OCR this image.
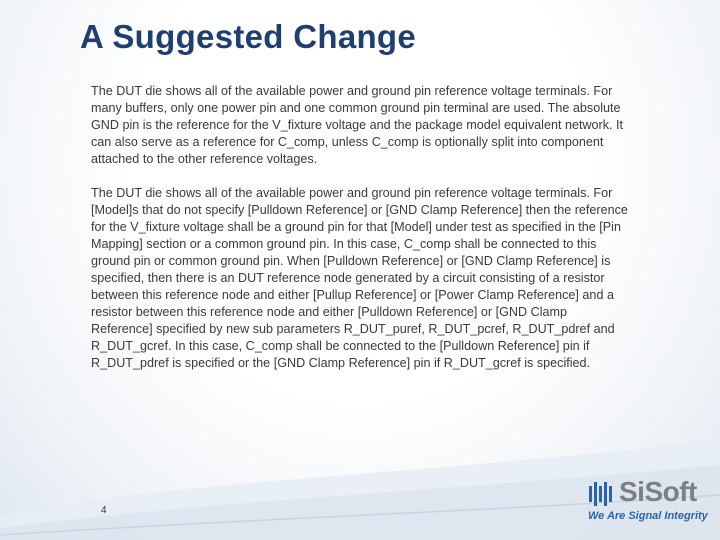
A Suggested Change

The DUT die shows all of the available power and ground pin reference voltage terminals. For many buffers, only one power pin and one common ground pin terminal are used. The absolute GND pin is the reference for the V_fixture voltage and the package model equivalent network. It can also serve as a reference for C_comp, unless C_comp is optionally split into component attached to the other reference voltages.

The DUT die shows all of the available power and ground pin reference voltage terminals. For [Model]s that do not specify [Pulldown Reference] or [GND Clamp Reference] then the reference for the V_fixture voltage shall be a ground pin for that [Model] under test as specified in the [Pin Mapping] section or a common ground pin. In this case, C_comp shall be connected to this ground pin or common ground pin. When [Pulldown Reference] or [GND Clamp Reference] is specified, then there is an DUT reference node generated by a circuit consisting of a resistor between this reference node and either [Pullup Reference] or [Power Clamp Reference] and a resistor between this reference node and either [Pulldown Reference] or [GND Clamp Reference] specified by new sub parameters R_DUT_puref, R_DUT_pcref, R_DUT_pdref and R_DUT_gcref. In this case, C_comp shall be connected to the [Pulldown Reference] pin if R_DUT_pdref is specified or the [GND Clamp Reference] pin if R_DUT_gcref is specified.

4
SiSoft
We Are Signal Integrity
